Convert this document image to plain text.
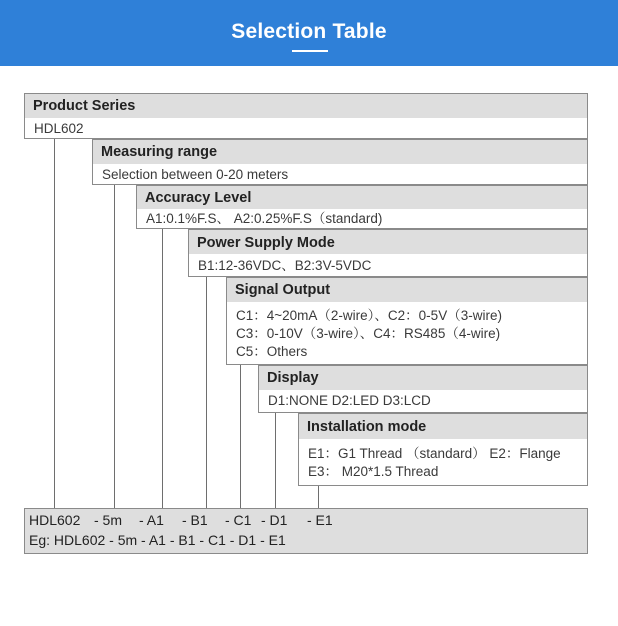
Selection Table
Product Series
HDL602
Measuring range
Selection between 0-20 meters
Accuracy Level
A1:0.1%F.S、 A2:0.25%F.S（standard)
Power Supply Mode
B1:12-36VDC、B2:3V-5VDC
Signal Output
C1：4~20mA（2-wire）、C2：0-5V（3-wire)
C3：0-10V（3-wire）、C4：RS485（4-wire)
C5：Others
Display
D1:NONE D2:LED D3:LCD
Installation mode
E1：G1 Thread （standard） E2：Flange
E3： M20*1.5 Thread
HDL602 - 5m - A1 - B1 - C1 - D1 - E1
Eg: HDL602 - 5m - A1 - B1 - C1 - D1 - E1
